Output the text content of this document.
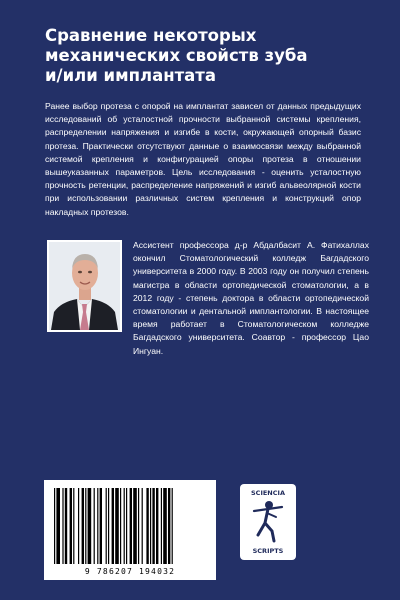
Сравнение некоторых
механических свойств зуба
и/или имплантата

Ранее выбор протеза с опорой на имплантат зависел от данных предыдущих исследований об усталостной прочности выбранной системы крепления, распределении напряжения и изгибе в кости, окружающей опорный базис протеза. Практически отсутствуют данные о взаимосвязи между выбранной системой крепления и конфигурацией опоры протеза в отношении вышеуказанных параметров. Цель исследования - оценить усталостную прочность ретенции, распределение напряжений и изгиб альвеолярной кости при использовании различных систем крепления и конструкций опор накладных протезов.

Ассистент профессора д-р Абдалбасит А. Фатихаллах окончил Стоматологический колледж Багдадского университета в 2000 году. В 2003 году он получил степень магистра в области ортопедической стоматологии, а в 2012 году - степень доктора в области ортопедической стоматологии и дентальной имплантологии. В настоящее время работает в Стоматологическом колледже Багдадского университета. Соавтор - профессор Цао Ингуан.

9 786207 194032
SCIENCIA
SCRIPTS
